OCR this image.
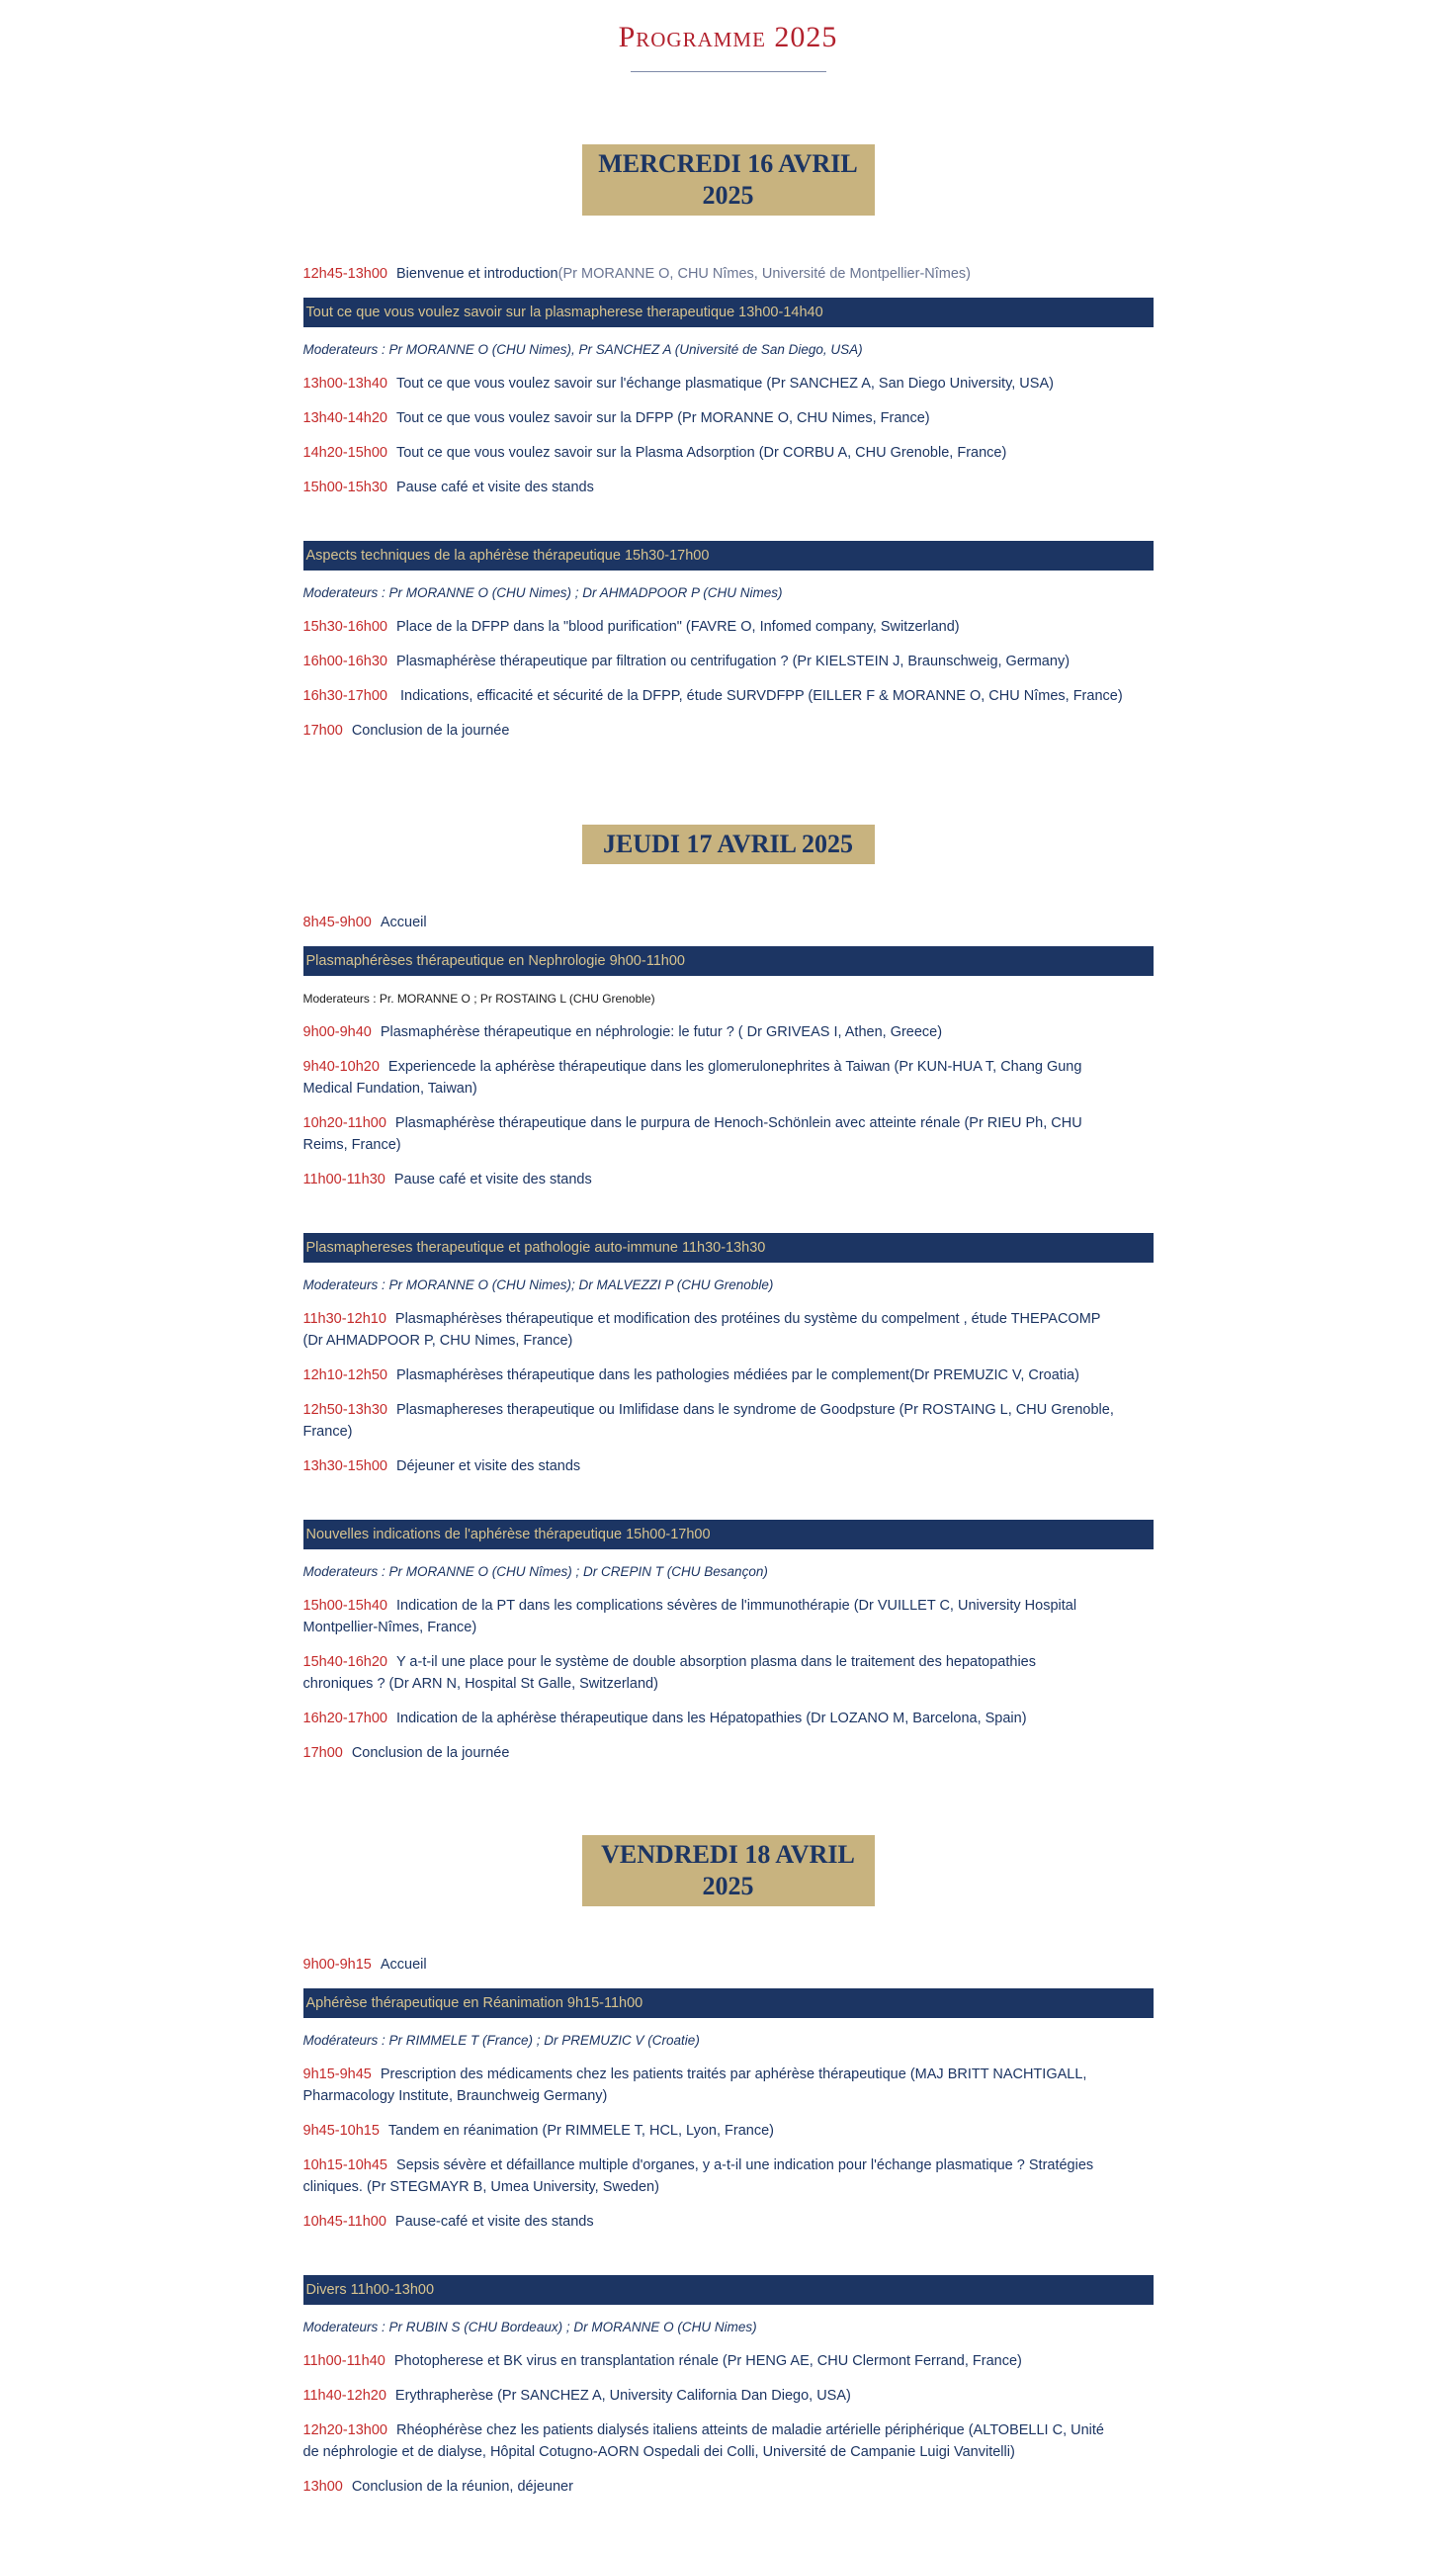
Programme 2025
MERCREDI 16 AVRIL
2025
12h45-13h00 Bienvenue et introduction(Pr MORANNE O, CHU Nîmes, Université de Montpellier-Nîmes)
Tout ce que vous voulez savoir sur la plasmapherese therapeutique 13h00-14h40
Moderateurs : Pr MORANNE O (CHU Nimes), Pr SANCHEZ A (Université de San Diego, USA)
13h00-13h40 Tout ce que vous voulez savoir sur l'échange plasmatique (Pr SANCHEZ A, San Diego University, USA)
13h40-14h20 Tout ce que vous voulez savoir sur la DFPP (Pr MORANNE O, CHU Nimes, France)
14h20-15h00 Tout ce que vous voulez savoir sur la Plasma Adsorption (Dr CORBU A, CHU Grenoble, France)
15h00-15h30 Pause café et visite des stands
Aspects techniques de la aphérèse thérapeutique 15h30-17h00
Moderateurs : Pr MORANNE O (CHU Nimes) ; Dr AHMADPOOR P (CHU Nimes)
15h30-16h00 Place de la DFPP dans la "blood purification" (FAVRE O, Infomed company, Switzerland)
16h00-16h30 Plasmaphérèse thérapeutique par filtration ou centrifugation ? (Pr KIELSTEIN J, Braunschweig, Germany)
16h30-17h00 Indications, efficacité et sécurité de la DFPP, étude SURVDFPP (EILLER F & MORANNE O, CHU Nîmes, France)
17h00 Conclusion de la journée
JEUDI 17 AVRIL 2025
8h45-9h00 Accueil
Plasmaphérèses thérapeutique en Nephrologie 9h00-11h00
Moderateurs : Pr. MORANNE O ; Pr ROSTAING L (CHU Grenoble)
9h00-9h40 Plasmaphérèse thérapeutique en néphrologie: le futur ? ( Dr GRIVEAS I, Athen, Greece)
9h40-10h20 Experiencede la aphérèse thérapeutique dans les glomerulonephrites à Taiwan (Pr KUN-HUA T, Chang Gung
Medical Fundation, Taiwan)
10h20-11h00 Plasmaphérèse thérapeutique dans le purpura de Henoch-Schönlein avec atteinte rénale (Pr RIEU Ph, CHU
Reims, France)
11h00-11h30 Pause café et visite des stands
Plasmaphereses therapeutique et pathologie auto-immune 11h30-13h30
Moderateurs : Pr MORANNE O (CHU Nimes); Dr MALVEZZI P (CHU Grenoble)
11h30-12h10 Plasmaphérèses thérapeutique et modification des protéines du système du compelment , étude THEPACOMP
(Dr AHMADPOOR P, CHU Nimes, France)
12h10-12h50 Plasmaphérèses thérapeutique dans les pathologies médiées par le complement(Dr PREMUZIC V, Croatia)
12h50-13h30 Plasmaphereses therapeutique ou Imlifidase dans le syndrome de Goodpsture (Pr ROSTAING L, CHU Grenoble,
France)
13h30-15h00 Déjeuner et visite des stands
Nouvelles indications de l'aphérèse thérapeutique 15h00-17h00
Moderateurs : Pr MORANNE O (CHU Nîmes) ; Dr CREPIN T (CHU Besançon)
15h00-15h40 Indication de la PT dans les complications sévères de l'immunothérapie (Dr VUILLET C, University Hospital
Montpellier-Nîmes, France)
15h40-16h20 Y a-t-il une place pour le système de double absorption plasma dans le traitement des hepatopathies
chroniques ? (Dr ARN N, Hospital St Galle, Switzerland)
16h20-17h00 Indication de la aphérèse thérapeutique dans les Hépatopathies (Dr LOZANO M, Barcelona, Spain)
17h00 Conclusion de la journée
VENDREDI 18 AVRIL
2025
9h00-9h15 Accueil
Aphérèse thérapeutique en Réanimation 9h15-11h00
Modérateurs : Pr RIMMELE T (France) ; Dr PREMUZIC V (Croatie)
9h15-9h45 Prescription des médicaments chez les patients traités par aphérèse thérapeutique (MAJ BRITT NACHTIGALL,
Pharmacology Institute, Braunchweig Germany)
9h45-10h15 Tandem en réanimation (Pr RIMMELE T, HCL, Lyon, France)
10h15-10h45 Sepsis sévère et défaillance multiple d'organes, y a-t-il une indication pour l'échange plasmatique ? Stratégies
cliniques. (Pr STEGMAYR B, Umea University, Sweden)
10h45-11h00 Pause-café et visite des stands
Divers 11h00-13h00
Moderateurs : Pr RUBIN S (CHU Bordeaux) ; Dr MORANNE O (CHU Nimes)
11h00-11h40 Photopherese et BK virus en transplantation rénale (Pr HENG AE, CHU Clermont Ferrand, France)
11h40-12h20 Erythrapherèse (Pr SANCHEZ A, University California Dan Diego, USA)
12h20-13h00 Rhéophérèse chez les patients dialysés italiens atteints de maladie artérielle périphérique (ALTOBELLI C, Unité
de néphrologie et de dialyse, Hôpital Cotugno-AORN Ospedali dei Colli, Université de Campanie Luigi Vanvitelli)
13h00 Conclusion de la réunion, déjeuner
